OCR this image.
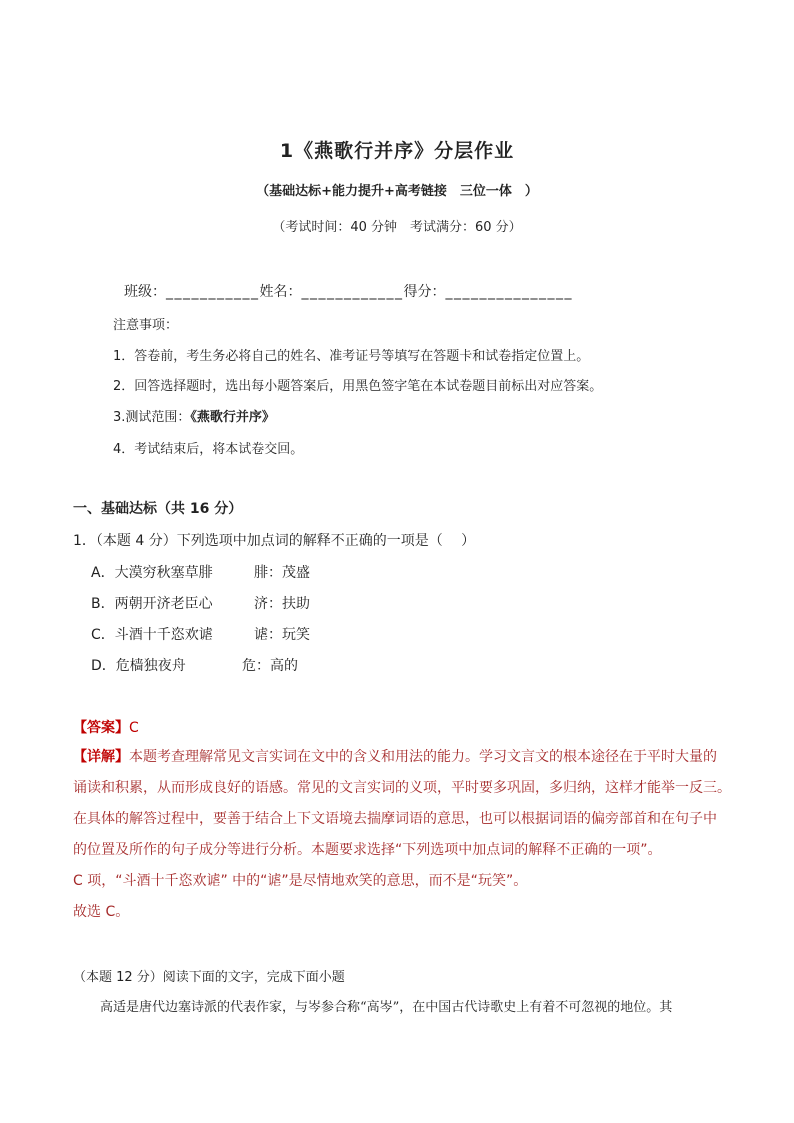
1《燕歌行并序》分层作业
（基础达标+能力提升+高考链接　三位一体　）
（考试时间：40 分钟　考试满分：60 分）
班级：___________姓名：____________得分：_______________
注意事项：
1．答卷前，考生务必将自己的姓名、准考证号等填写在答题卡和试卷指定位置上。
2．回答选择题时，选出每小题答案后，用黑色签字笔在本试卷题目前标出对应答案。
3.测试范围：《燕歌行并序》
4．考试结束后，将本试卷交回。
一、基础达标（共 16 分）
1．（本题 4 分）下列选项中加点词的解释不正确的一项是（　 ）
A．大漠穷秋塞草腓	腓：茂盛
B．两朝开济老臣心	济：扶助
C．斗酒十千恣欢谑	谑：玩笑
D．危樯独夜舟	危：高的
【答案】C
【详解】本题考查理解常见文言实词在文中的含义和用法的能力。学习文言文的根本途径在于平时大量的
诵读和积累，从而形成良好的语感。常见的文言实词的义项，平时要多巩固，多归纳，这样才能举一反三。
在具体的解答过程中，要善于结合上下文语境去揣摩词语的意思，也可以根据词语的偏旁部首和在句子中
的位置及所作的句子成分等进行分析。本题要求选择“下列选项中加点词的解释不正确的一项”。
C 项，“斗酒十千恣欢谑” 中的“谑”是尽情地欢笑的意思，而不是“玩笑”。
故选 C。
（本题 12 分）阅读下面的文字，完成下面小题
高适是唐代边塞诗派的代表作家，与岑参合称“高岑”，在中国古代诗歌史上有着不可忽视的地位。其
